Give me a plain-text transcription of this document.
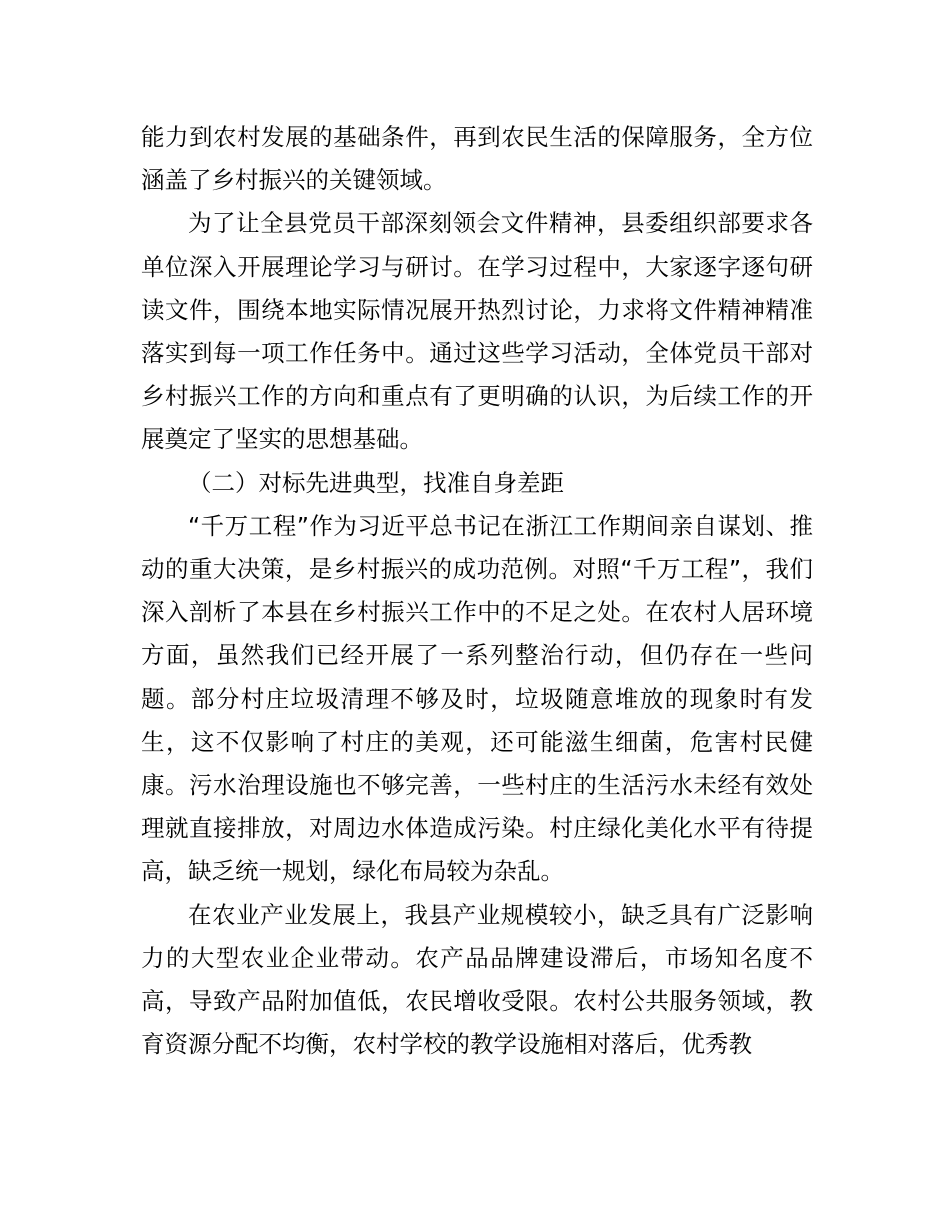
能力到农村发展的基础条件，再到农民生活的保障服务，全方位涵盖了乡村振兴的关键领域。

为了让全县党员干部深刻领会文件精神，县委组织部要求各单位深入开展理论学习与研讨。在学习过程中，大家逐字逐句研读文件，围绕本地实际情况展开热烈讨论，力求将文件精神精准落实到每一项工作任务中。通过这些学习活动，全体党员干部对乡村振兴工作的方向和重点有了更明确的认识，为后续工作的开展奠定了坚实的思想基础。

（二）对标先进典型，找准自身差距

“千万工程”作为习近平总书记在浙江工作期间亲自谋划、推动的重大决策，是乡村振兴的成功范例。对照“千万工程”，我们深入剖析了本县在乡村振兴工作中的不足之处。在农村人居环境方面，虽然我们已经开展了一系列整治行动，但仍存在一些问题。部分村庄垃圾清理不够及时，垃圾随意堆放的现象时有发生，这不仅影响了村庄的美观，还可能滋生细菌，危害村民健康。污水治理设施也不够完善，一些村庄的生活污水未经有效处理就直接排放，对周边水体造成污染。村庄绿化美化水平有待提高，缺乏统一规划，绿化布局较为杂乱。

在农业产业发展上，我县产业规模较小，缺乏具有广泛影响力的大型农业企业带动。农产品品牌建设滞后，市场知名度不高，导致产品附加值低，农民增收受限。农村公共服务领域，教育资源分配不均衡，农村学校的教学设施相对落后，优秀教
